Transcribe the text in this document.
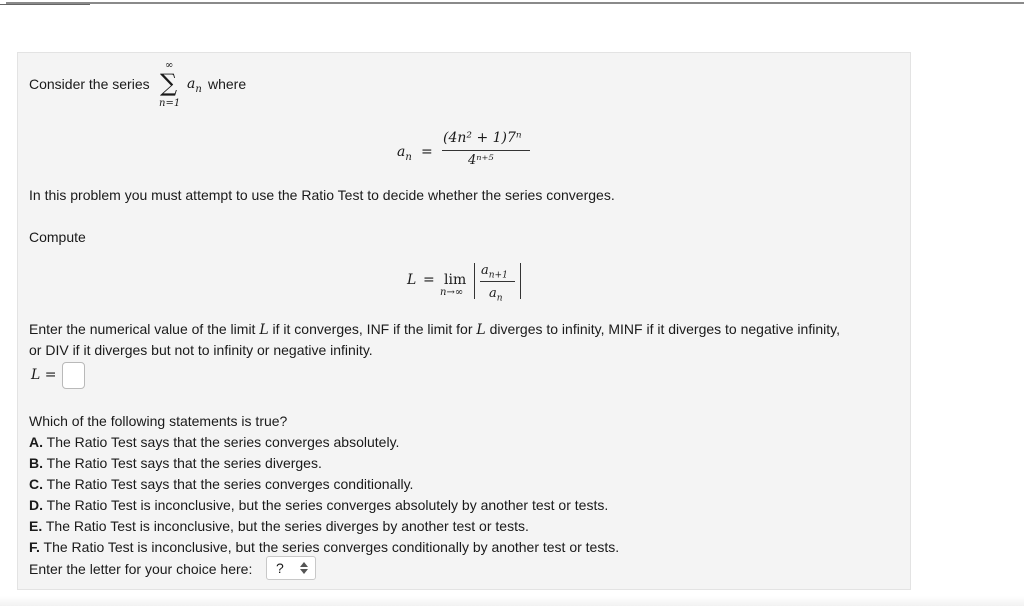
Consider the series
∞
∑
n=1
$a_n$ where
$a_n$ =
(4n² + 1)7ⁿ
4ⁿ⁺⁵
In this problem you must attempt to use the Ratio Test to decide whether the series converges.
Compute
L = lim
n→∞
$a_{n+1}$
$a_n$
Enter the numerical value of the limit L if it converges, INF if the limit for L diverges to infinity, MINF if it diverges to negative infinity,
or DIV if it diverges but not to infinity or negative infinity.
L =
Which of the following statements is true?
A. The Ratio Test says that the series converges absolutely.
B. The Ratio Test says that the series diverges.
C. The Ratio Test says that the series converges conditionally.
D. The Ratio Test is inconclusive, but the series converges absolutely by another test or tests.
E. The Ratio Test is inconclusive, but the series diverges by another test or tests.
F. The Ratio Test is inconclusive, but the series converges conditionally by another test or tests.
Enter the letter for your choice here: ?
